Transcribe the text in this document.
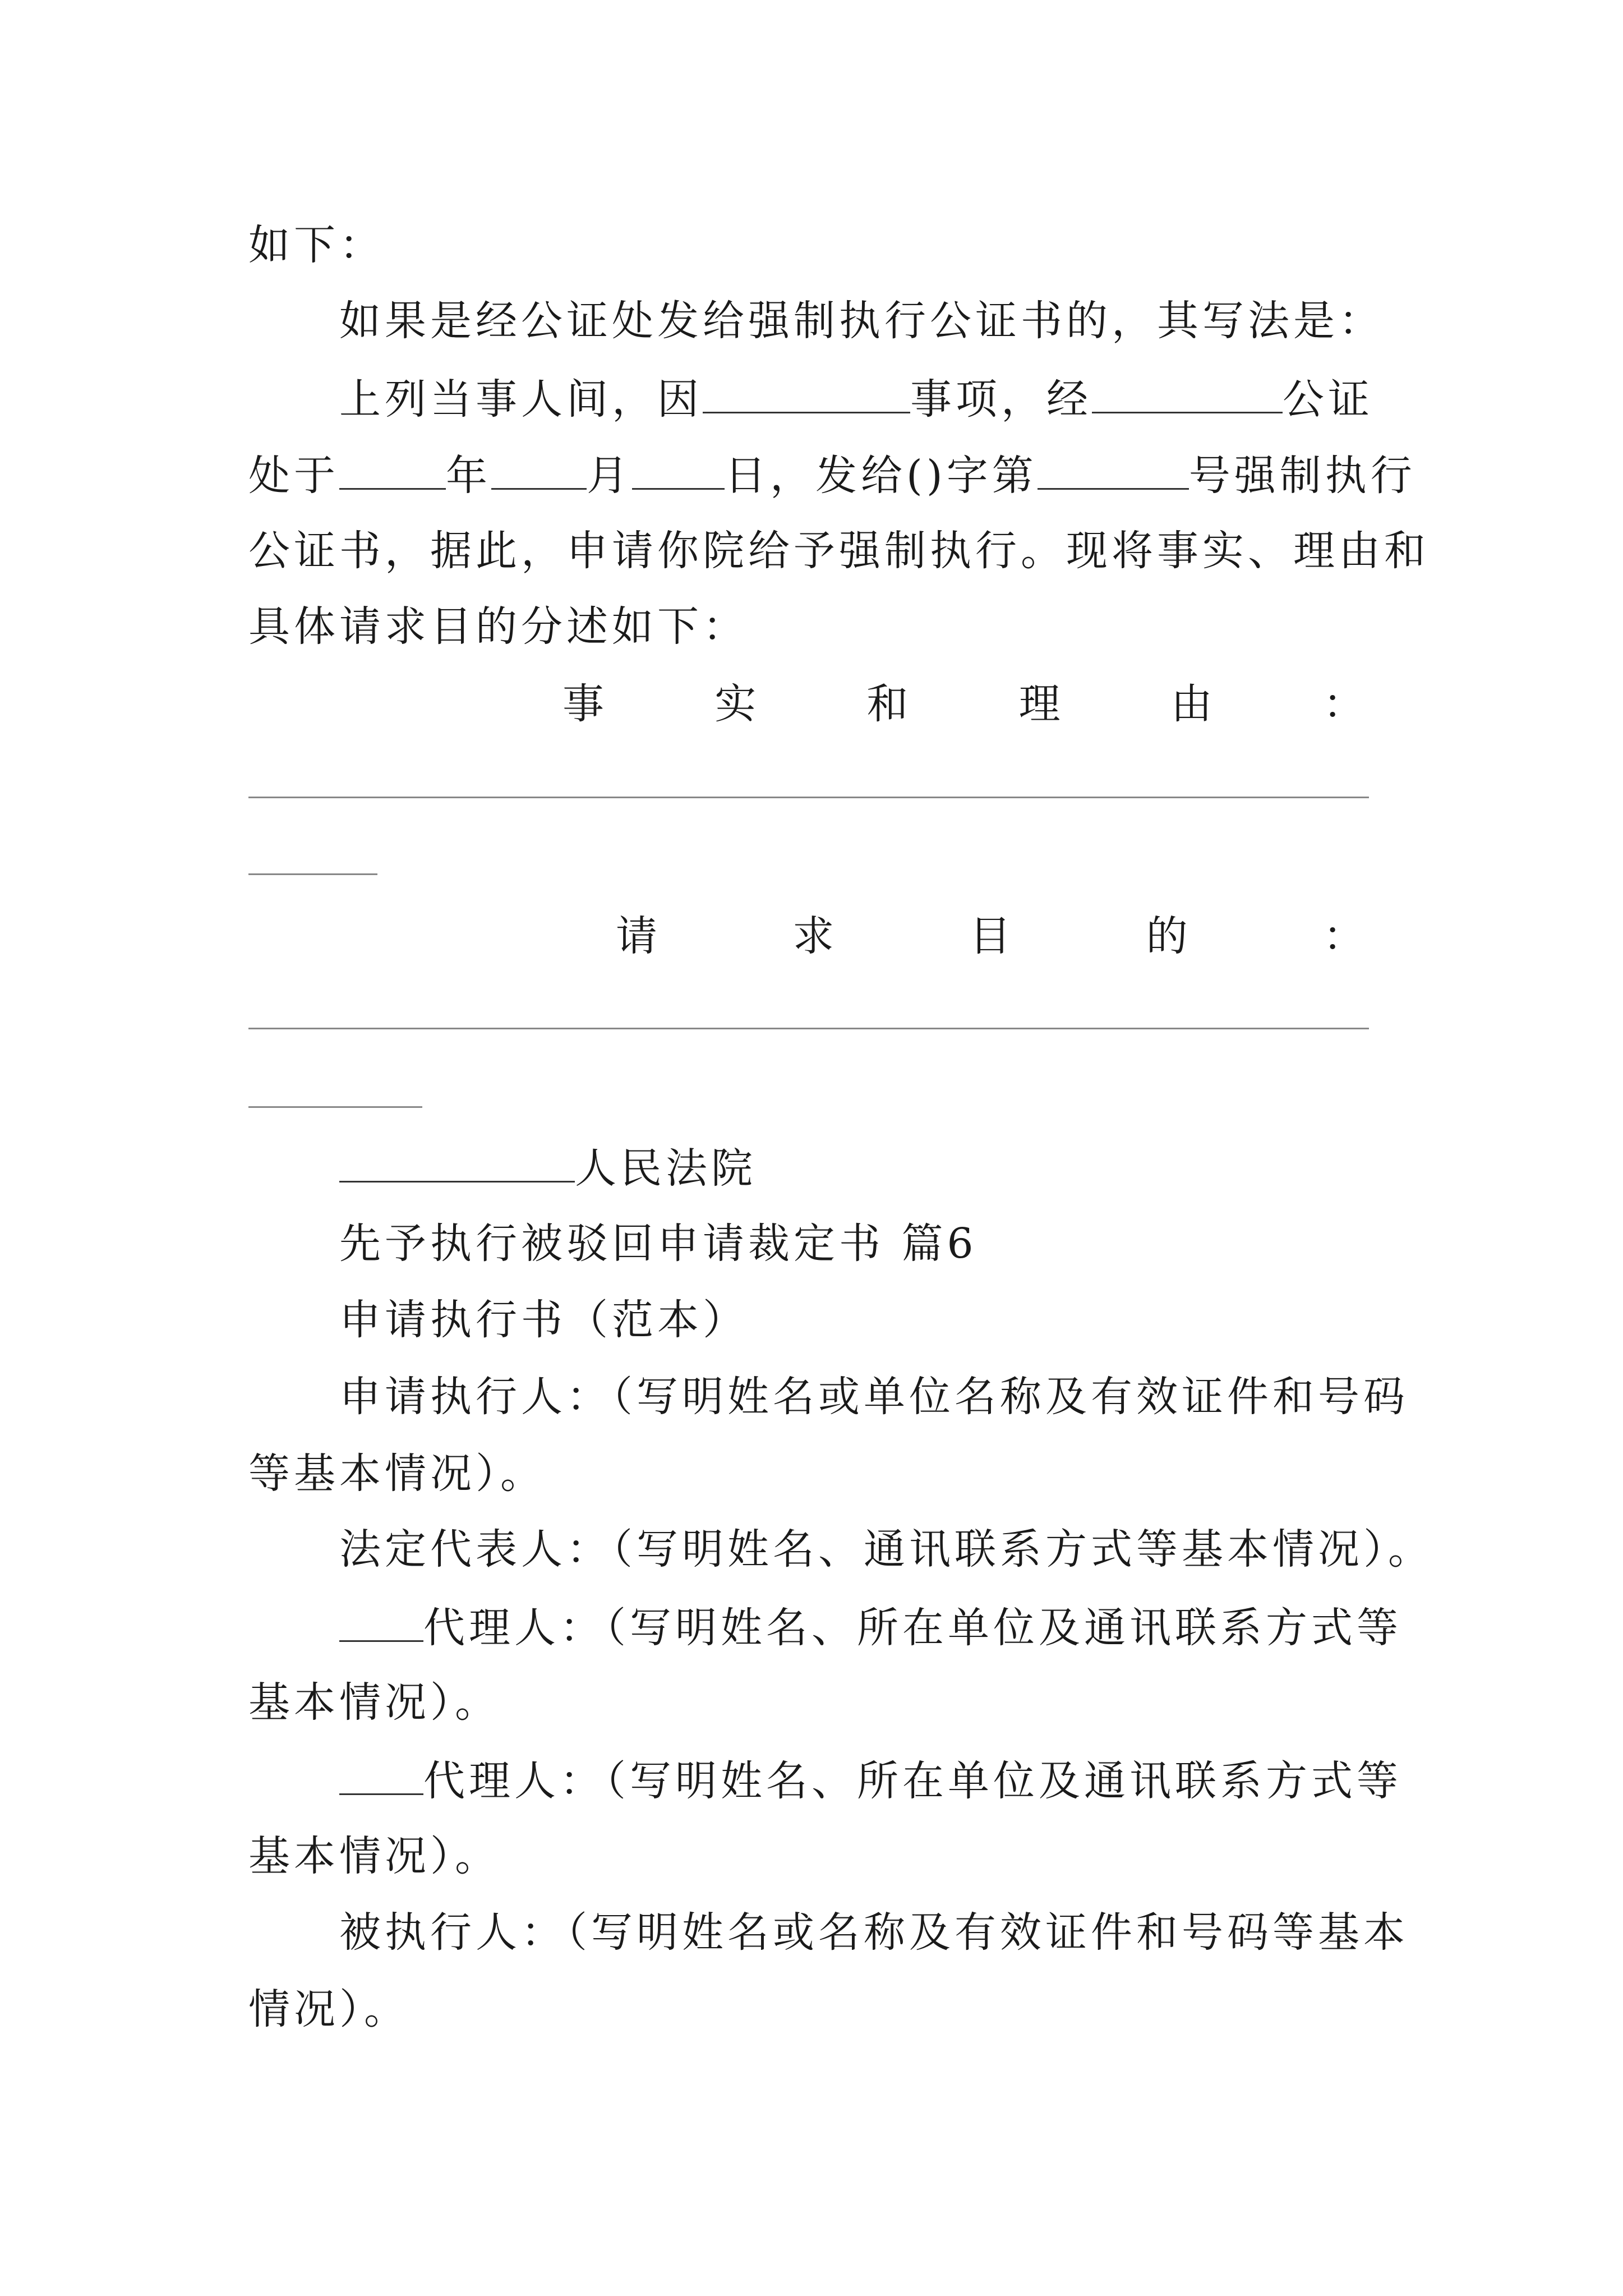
如下：
如果是经公证处发给强制执行公证书的，其写法是：
上列当事人间，因	事项，经	公证
处于	年 月 日，发给()字第	号强制执行
公证书，据此，申请你院给予强制执行。现将事实、理由和
具体请求目的分述如下：
事	实	和	理	由	：
请	求	目	的	：
人民法院
先予执行被驳回申请裁定书 篇6
申请执行书（范本）
申请执行人：（写明姓名或单位名称及有效证件和号码
等基本情况）。
法定代表人：（写明姓名、通讯联系方式等基本情况）。
代理人：（写明姓名、所在单位及通讯联系方式等
基本情况）。
代理人：（写明姓名、所在单位及通讯联系方式等
基本情况）。
被执行人：（写明姓名或名称及有效证件和号码等基本
情况）。
